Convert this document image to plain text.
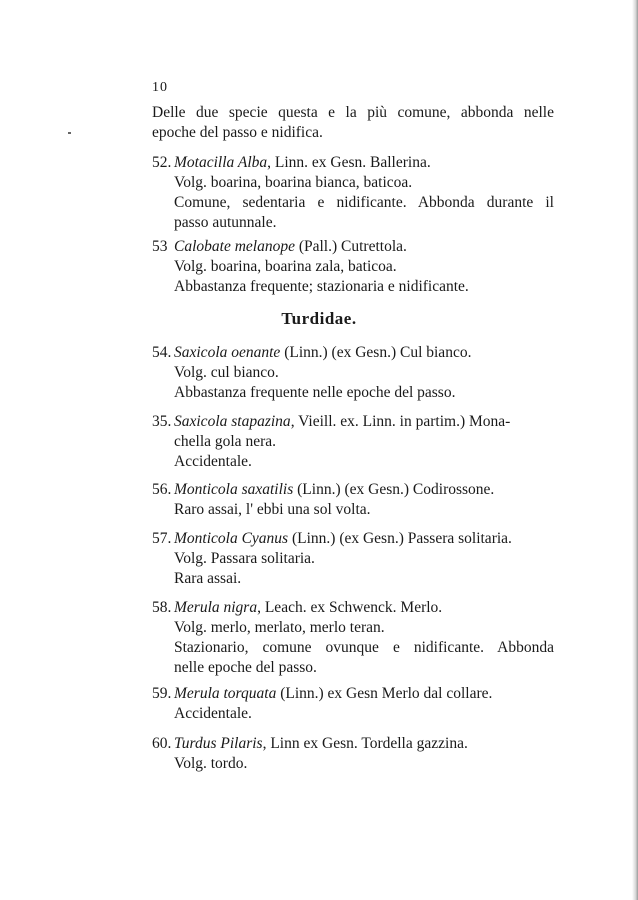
10
Delle due specie questa e la più comune, abbonda nelle
epoche del passo e nidifica.
52. Motacilla Alba, Linn. ex Gesn. Ballerina.
Volg. boarina, boarina bianca, baticoa.
Comune, sedentaria e nidificante. Abbonda durante il
passo autunnale.
53 Calobate melanope (Pall.) Cutrettola.
Volg. boarina, boarina zala, baticoa.
Abbastanza frequente; stazionaria e nidificante.
Turdidae.
54. Saxicola oenante (Linn.) (ex Gesn.) Cul bianco.
Volg. cul bianco.
Abbastanza frequente nelle epoche del passo.
35. Saxicola stapazina, Vieill. ex. Linn. in partim.) Mona-
chella gola nera.
Accidentale.
56. Monticola saxatilis (Linn.) (ex Gesn.) Codirossone.
Raro assai, l' ebbi una sol volta.
57. Monticola Cyanus (Linn.) (ex Gesn.) Passera solitaria.
Volg. Passara solitaria.
Rara assai.
58. Merula nigra, Leach. ex Schwenck. Merlo.
Volg. merlo, merlato, merlo teran.
Stazionario, comune ovunque e nidificante. Abbonda
nelle epoche del passo.
59. Merula torquata (Linn.) ex Gesn Merlo dal collare.
Accidentale.
60. Turdus Pilaris, Linn ex Gesn. Tordella gazzina.
Volg. tordo.
